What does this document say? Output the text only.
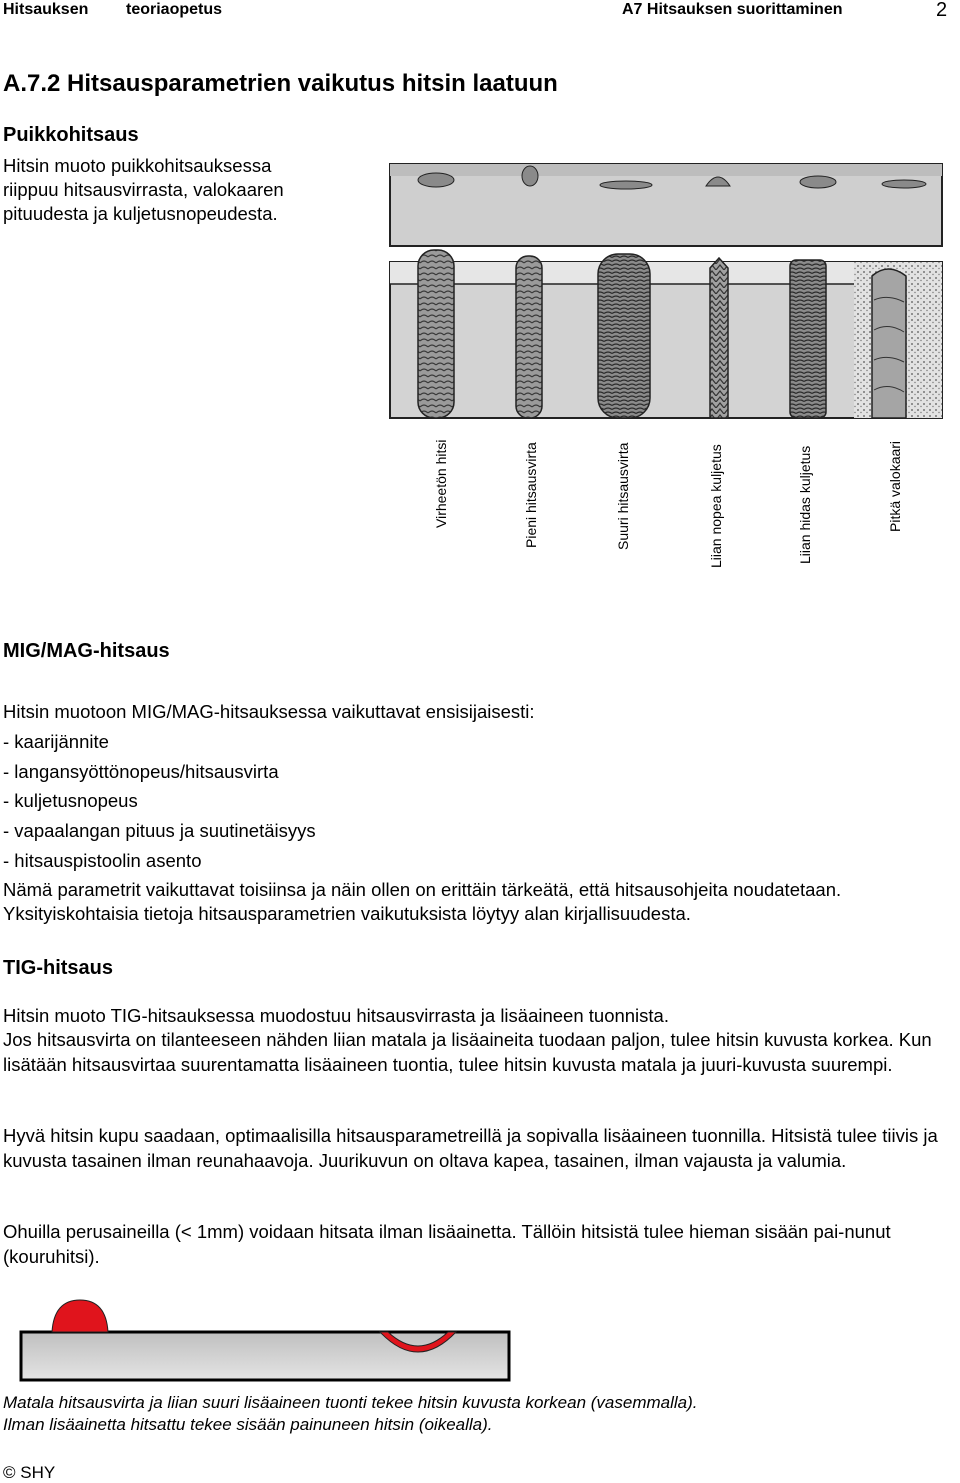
Hitsauksen teoriaopetus	A7 Hitsauksen suorittaminen	2
A.7.2 Hitsausparametrien vaikutus hitsin laatuun
Puikkohitsaus
Hitsin muoto puikkohitsauksessa
riippuu hitsausvirrasta, valokaaren
pituudesta ja kuljetusnopeudesta.
Virheetön hitsi	Pieni hitsausvirta	Suuri hitsausvirta	Liian nopea kuljetus	Liian hidas kuljetus	Pitkä valokaari
MIG/MAG-hitsaus
Hitsin muotoon MIG/MAG-hitsauksessa vaikuttavat ensisijaisesti:
- kaarijännite
- langansyöttönopeus/hitsausvirta
- kuljetusnopeus
- vapaalangan pituus ja suutinetäisyys
- hitsauspistoolin asento
Nämä parametrit vaikuttavat toisiinsa ja näin ollen on erittäin tärkeätä, että hitsausohjeita noudatetaan.
Yksityiskohtaisia tietoja hitsausparametrien vaikutuksista löytyy alan kirjallisuudesta.
TIG-hitsaus
Hitsin muoto TIG-hitsauksessa muodostuu hitsausvirrasta ja lisäaineen tuonnista.
Jos hitsausvirta on tilanteeseen nähden liian matala ja lisäaineita tuodaan paljon, tulee hitsin kuvusta korkea. Kun lisätään hitsausvirtaa suurentamatta lisäaineen tuontia, tulee hitsin kuvusta matala ja juuri-kuvusta suurempi.
Hyvä hitsin kupu saadaan, optimaalisilla hitsausparametreillä ja sopivalla lisäaineen tuonnilla. Hitsistä tulee tiivis ja kuvusta tasainen ilman reunahaavoja. Juurikuvun on oltava kapea, tasainen, ilman vajausta ja valumia.
Ohuilla perusaineilla (< 1mm) voidaan hitsata ilman lisäainetta. Tällöin hitsistä tulee hieman sisään pai-nunut (kouruhitsi).
Matala hitsausvirta ja liian suuri lisäaineen tuonti tekee hitsin kuvusta korkean (vasemmalla).
Ilman lisäainetta hitsattu tekee sisään painuneen hitsin (oikealla).
© SHY
